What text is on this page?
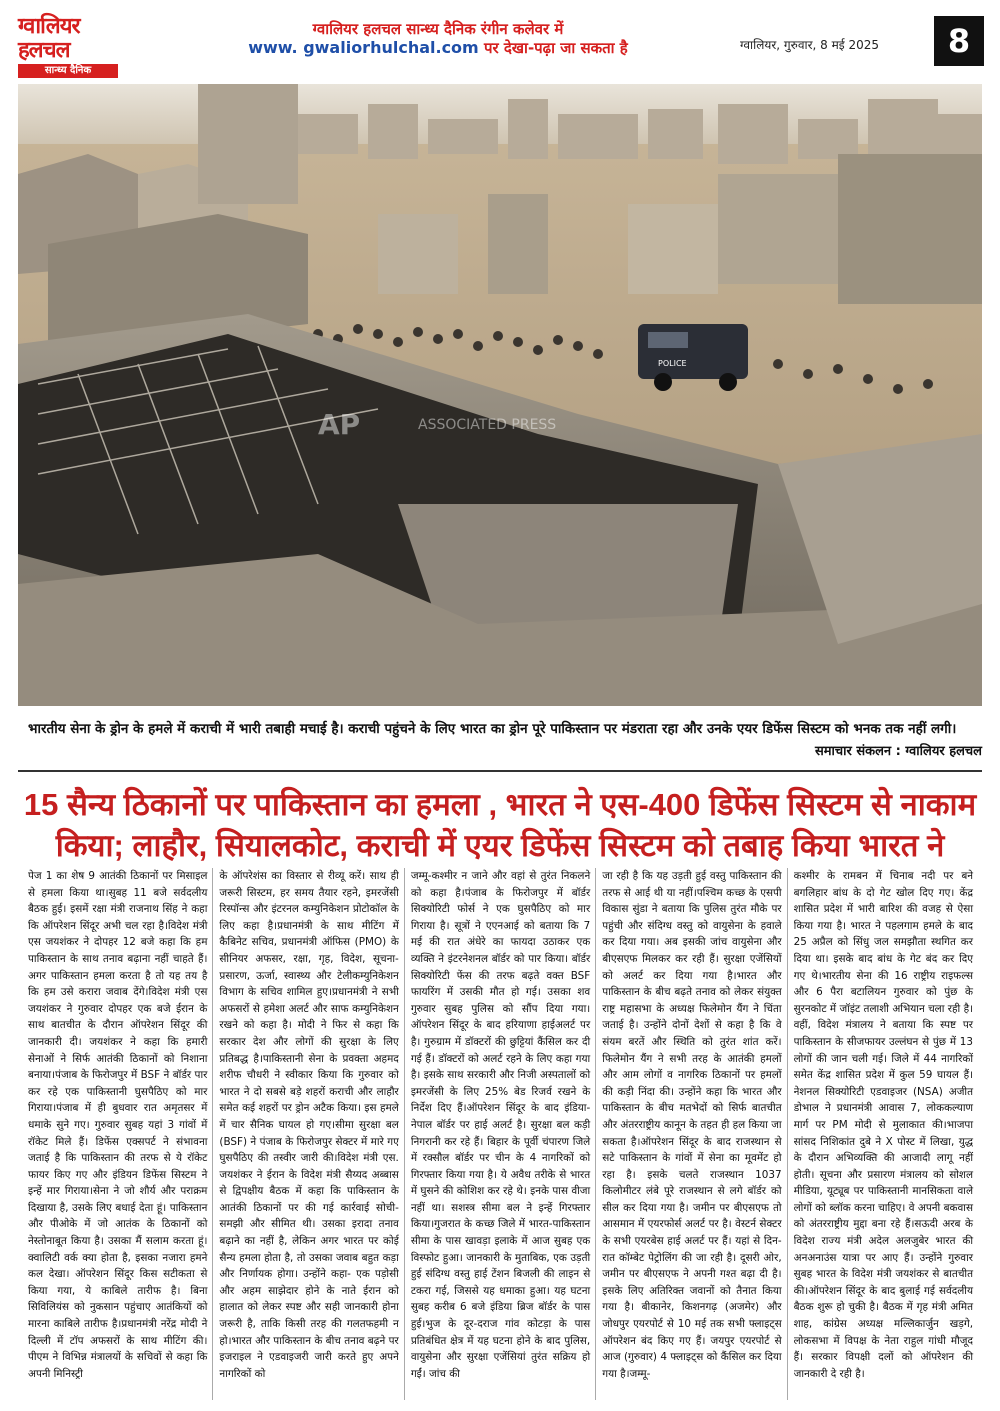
ग्वालियर
हलचल
सान्ध्य दैनिक
ग्वालियर हलचल सान्ध्य दैनिक रंगीन कलेवर में
www. gwaliorhulchal.com पर देखा-पढ़ा जा सकता है	ग्वालियर, गुरुवार, 8 मई 2025	8
POLICE
AP	ASSOCIATED PRESS
भारतीय सेना के ड्रोन के हमले में कराची में भारी तबाही मचाई है। कराची पहुंचने के लिए भारत का ड्रोन पूरे पाकिस्तान पर मंडराता रहा और उनके एयर डिफेंस सिस्टम को भनक तक नहीं लगी।
समाचार संकलन : ग्वालियर हलचल
15 सैन्य ठिकानों पर पाकिस्तान का हमला , भारत ने एस-400 डिफेंस सिस्टम से नाकाम
किया; लाहौर, सियालकोट, कराची में एयर डिफेंस सिस्टम को तबाह किया भारत ने
पेज 1 का शेष 9 आतंकी ठिकानों पर मिसाइल से हमला किया था।सुबह 11 बजे सर्वदलीय बैठक हुई। इसमें रक्षा मंत्री राजनाथ सिंह ने कहा कि ऑपरेशन सिंदूर अभी चल रहा है।विदेश मंत्री एस जयशंकर ने दोपहर 12 बजे कहा कि हम पाकिस्तान के साथ तनाव बढ़ाना नहीं चाहते हैं। अगर पाकिस्तान हमला करता है तो यह तय है कि हम उसे करारा जवाब देंगे।विदेश मंत्री एस जयशंकर ने गुरुवार दोपहर एक बजे ईरान के साथ बातचीत के दौरान ऑपरेशन सिंदूर की जानकारी दी। जयशंकर ने कहा कि हमारी सेनाओं ने सिर्फ आतंकी ठिकानों को निशाना बनाया।पंजाब के फिरोजपुर में BSF ने बॉर्डर पार कर रहे एक पाकिस्तानी घुसपैठिए को मार गिराया।पंजाब में ही बुधवार रात अमृतसर में धमाके सुने गए। गुरुवार सुबह यहां 3 गांवों में रॉकेट मिले हैं। डिफेंस एक्सपर्ट ने संभावना जताई है कि पाकिस्तान की तरफ से ये रॉकेट फायर किए गए और इंडियन डिफेंस सिस्टम ने इन्हें मार गिराया।सेना ने जो शौर्य और पराक्रम दिखाया है, उसके लिए बधाई देता हूं। पाकिस्तान और पीओके में जो आतंक के ठिकानों को नेस्तोनाबूत किया है। उसका मैं सलाम करता हूं। क्वालिटी वर्क क्या होता है, इसका नजारा हमने कल देखा। ऑपरेशन सिंदूर किस सटीकता से किया गया, ये काबिले तारीफ है। बिना सिविलियंस को नुकसान पहुंचाए आतंकियों को मारना काबिले तारीफ है।प्रधानमंत्री नरेंद्र मोदी ने दिल्ली में टॉप अफसरों के साथ मीटिंग की। पीएम ने विभिन्न मंत्रालयों के सचिवों से कहा कि अपनी मिनिस्ट्री
के ऑपरेशंस का विस्तार से रीव्यू करें। साथ ही जरूरी सिस्टम, हर समय तैयार रहने, इमरजेंसी रिस्पॉन्स और इंटरनल कम्युनिकेशन प्रोटोकॉल के लिए कहा है।प्रधानमंत्री के साथ मीटिंग में कैबिनेट सचिव, प्रधानमंत्री ऑफिस (PMO) के सीनियर अफसर, रक्षा, गृह, विदेश, सूचना-प्रसारण, ऊर्जा, स्वास्थ्य और टेलीकम्युनिकेशन विभाग के सचिव शामिल हुए।प्रधानमंत्री ने सभी अफसरों से हमेशा अलर्ट और साफ कम्युनिकेशन रखने को कहा है। मोदी ने फिर से कहा कि सरकार देश और लोगों की सुरक्षा के लिए प्रतिबद्ध है।पाकिस्तानी सेना के प्रवक्ता अहमद शरीफ चौधरी ने स्वीकार किया कि गुरुवार को भारत ने दो सबसे बड़े शहरों कराची और लाहौर समेत कई शहरों पर ड्रोन अटैक किया। इस हमले में चार सैनिक घायल हो गए।सीमा सुरक्षा बल (BSF) ने पंजाब के फिरोजपुर सेक्टर में मारे गए घुसपैठिए की तस्वीर जारी की।विदेश मंत्री एस. जयशंकर ने ईरान के विदेश मंत्री सैय्यद अब्बास से द्विपक्षीय बैठक में कहा कि पाकिस्तान के आतंकी ठिकानों पर की गई कार्रवाई सोची-समझी और सीमित थी। उसका इरादा तनाव बढ़ाने का नहीं है, लेकिन अगर भारत पर कोई सैन्य हमला होता है, तो उसका जवाब बहुत कड़ा और निर्णायक होगा। उन्होंने कहा- एक पड़ोसी और अहम साझेदार होने के नाते ईरान को हालात को लेकर स्पष्ट और सही जानकारी होना जरूरी है, ताकि किसी तरह की गलतफहमी न हो।भारत और पाकिस्तान के बीच तनाव बढ़ने पर इजराइल ने एडवाइजरी जारी करते हुए अपने नागरिकों को
जम्मू-कश्मीर न जाने और वहां से तुरंत निकलने को कहा है।पंजाब के फिरोजपुर में बॉर्डर सिक्योरिटी फोर्स ने एक घुसपैठिए को मार गिराया है। सूत्रों ने एएनआई को बताया कि 7 मई की रात अंधेरे का फायदा उठाकर एक व्यक्ति ने इंटरनेशनल बॉर्डर को पार किया। बॉर्डर सिक्योरिटी फेंस की तरफ बढ़ते वक्त BSF फायरिंग में उसकी मौत हो गई। उसका शव गुरुवार सुबह पुलिस को सौंप दिया गया।ऑपरेशन सिंदूर के बाद हरियाणा हाईअलर्ट पर है। गुरुग्राम में डॉक्टरों की छुट्टियां कैंसिल कर दी गई हैं। डॉक्टरों को अलर्ट रहने के लिए कहा गया है। इसके साथ सरकारी और निजी अस्पतालों को इमरजेंसी के लिए 25% बेड रिजर्व रखने के निर्देश दिए हैं।ऑपरेशन सिंदूर के बाद इंडिया-नेपाल बॉर्डर पर हाई अलर्ट है। सुरक्षा बल कड़ी निगरानी कर रहे हैं। बिहार के पूर्वी चंपारण जिले में रक्सौल बॉर्डर पर चीन के 4 नागरिकों को गिरफ्तार किया गया है। ये अवैध तरीके से भारत में घुसने की कोशिश कर रहे थे। इनके पास वीजा नहीं था। सशस्त्र सीमा बल ने इन्हें गिरफ्तार किया।गुजरात के कच्छ जिले में भारत-पाकिस्तान सीमा के पास खावड़ा इलाके में आज सुबह एक विस्फोट हुआ। जानकारी के मुताबिक, एक उड़ती हुई संदिग्ध वस्तु हाई टेंशन बिजली की लाइन से टकरा गई, जिससे यह धमाका हुआ। यह घटना सुबह करीब 6 बजे इंडिया ब्रिज बॉर्डर के पास हुई।भुज के दूर-दराज गांव कोटड़ा के पास प्रतिबंधित क्षेत्र में यह घटना होने के बाद पुलिस, वायुसेना और सुरक्षा एजेंसियां तुरंत सक्रिय हो गईं। जांच की
जा रही है कि यह उड़ती हुई वस्तु पाकिस्तान की तरफ से आई थी या नहीं।पश्चिम कच्छ के एसपी विकास सुंडा ने बताया कि पुलिस तुरंत मौके पर पहुंची और संदिग्ध वस्तु को वायुसेना के हवाले कर दिया गया। अब इसकी जांच वायुसेना और बीएसएफ मिलकर कर रही हैं। सुरक्षा एजेंसियों को अलर्ट कर दिया गया है।भारत और पाकिस्तान के बीच बढ़ते तनाव को लेकर संयुक्त राष्ट्र महासभा के अध्यक्ष फिलेमोन यैंग ने चिंता जताई है। उन्होंने दोनों देशों से कहा है कि वे संयम बरतें और स्थिति को तुरंत शांत करें।फिलेमोन यैंग ने सभी तरह के आतंकी हमलों और आम लोगों व नागरिक ठिकानों पर हमलों की कड़ी निंदा की। उन्होंने कहा कि भारत और पाकिस्तान के बीच मतभेदों को सिर्फ बातचीत और अंतरराष्ट्रीय कानून के तहत ही हल किया जा सकता है।ऑपरेशन सिंदूर के बाद राजस्थान से सटे पाकिस्तान के गांवों में सेना का मूवमेंट हो रहा है। इसके चलते राजस्थान 1037 किलोमीटर लंबे पूरे राजस्थान से लगे बॉर्डर को सील कर दिया गया है। जमीन पर बीएसएफ तो आसमान में एयरफोर्स अलर्ट पर है। वेस्टर्न सेक्टर के सभी एयरबेस हाई अलर्ट पर हैं। यहां से दिन-रात कॉम्बेट पेट्रोलिंग की जा रही है। दूसरी ओर, जमीन पर बीएसएफ ने अपनी गश्त बढ़ा दी है। इसके लिए अतिरिक्त जवानों को तैनात किया गया है। बीकानेर, किशनगढ़ (अजमेर) और जोधपुर एयरपोर्ट से 10 मई तक सभी फ्लाइट्स ऑपरेशन बंद किए गए हैं। जयपुर एयरपोर्ट से आज (गुरुवार) 4 फ्लाइट्स को कैंसिल कर दिया गया है।जम्मू-
कश्मीर के रामबन में चिनाब नदी पर बने बगलिहार बांध के दो गेट खोल दिए गए। केंद्र शासित प्रदेश में भारी बारिश की वजह से ऐसा किया गया है। भारत ने पहलगाम हमले के बाद 25 अप्रैल को सिंधु जल समझौता स्थगित कर दिया था। इसके बाद बांध के गेट बंद कर दिए गए थे।भारतीय सेना की 16 राष्ट्रीय राइफल्स और 6 पैरा बटालियन गुरुवार को पुंछ के सुरनकोट में जॉइंट तलाशी अभियान चला रही है। वहीं, विदेश मंत्रालय ने बताया कि स्पष्ट पर पाकिस्तान के सीजफायर उल्लंघन से पुंछ में 13 लोगों की जान चली गई। जिले में 44 नागरिकों समेत केंद्र शासित प्रदेश में कुल 59 घायल हैं।नेशनल सिक्योरिटी एडवाइजर (NSA) अजीत डोभाल ने प्रधानमंत्री आवास 7, लोककल्याण मार्ग पर PM मोदी से मुलाकात की।भाजपा सांसद निशिकांत दुबे ने X पोस्ट में लिखा, युद्ध के दौरान अभिव्यक्ति की आजादी लागू नहीं होती। सूचना और प्रसारण मंत्रालय को सोशल मीडिया, यूट्यूब पर पाकिस्तानी मानसिकता वाले लोगों को ब्लॉक करना चाहिए। वे अपनी बकवास को अंतरराष्ट्रीय मुद्दा बना रहे हैं।सऊदी अरब के विदेश राज्य मंत्री अदेल अलजुबेर भारत की अनअनाउंस यात्रा पर आए हैं। उन्होंने गुरुवार सुबह भारत के विदेश मंत्री जयशंकर से बातचीत की।ऑपरेशन सिंदूर के बाद बुलाई गई सर्वदलीय बैठक शुरू हो चुकी है। बैठक में गृह मंत्री अमित शाह, कांग्रेस अध्यक्ष मल्लिकार्जुन खड़गे, लोकसभा में विपक्ष के नेता राहुल गांधी मौजूद हैं। सरकार विपक्षी दलों को ऑपरेशन की जानकारी दे रही है।
